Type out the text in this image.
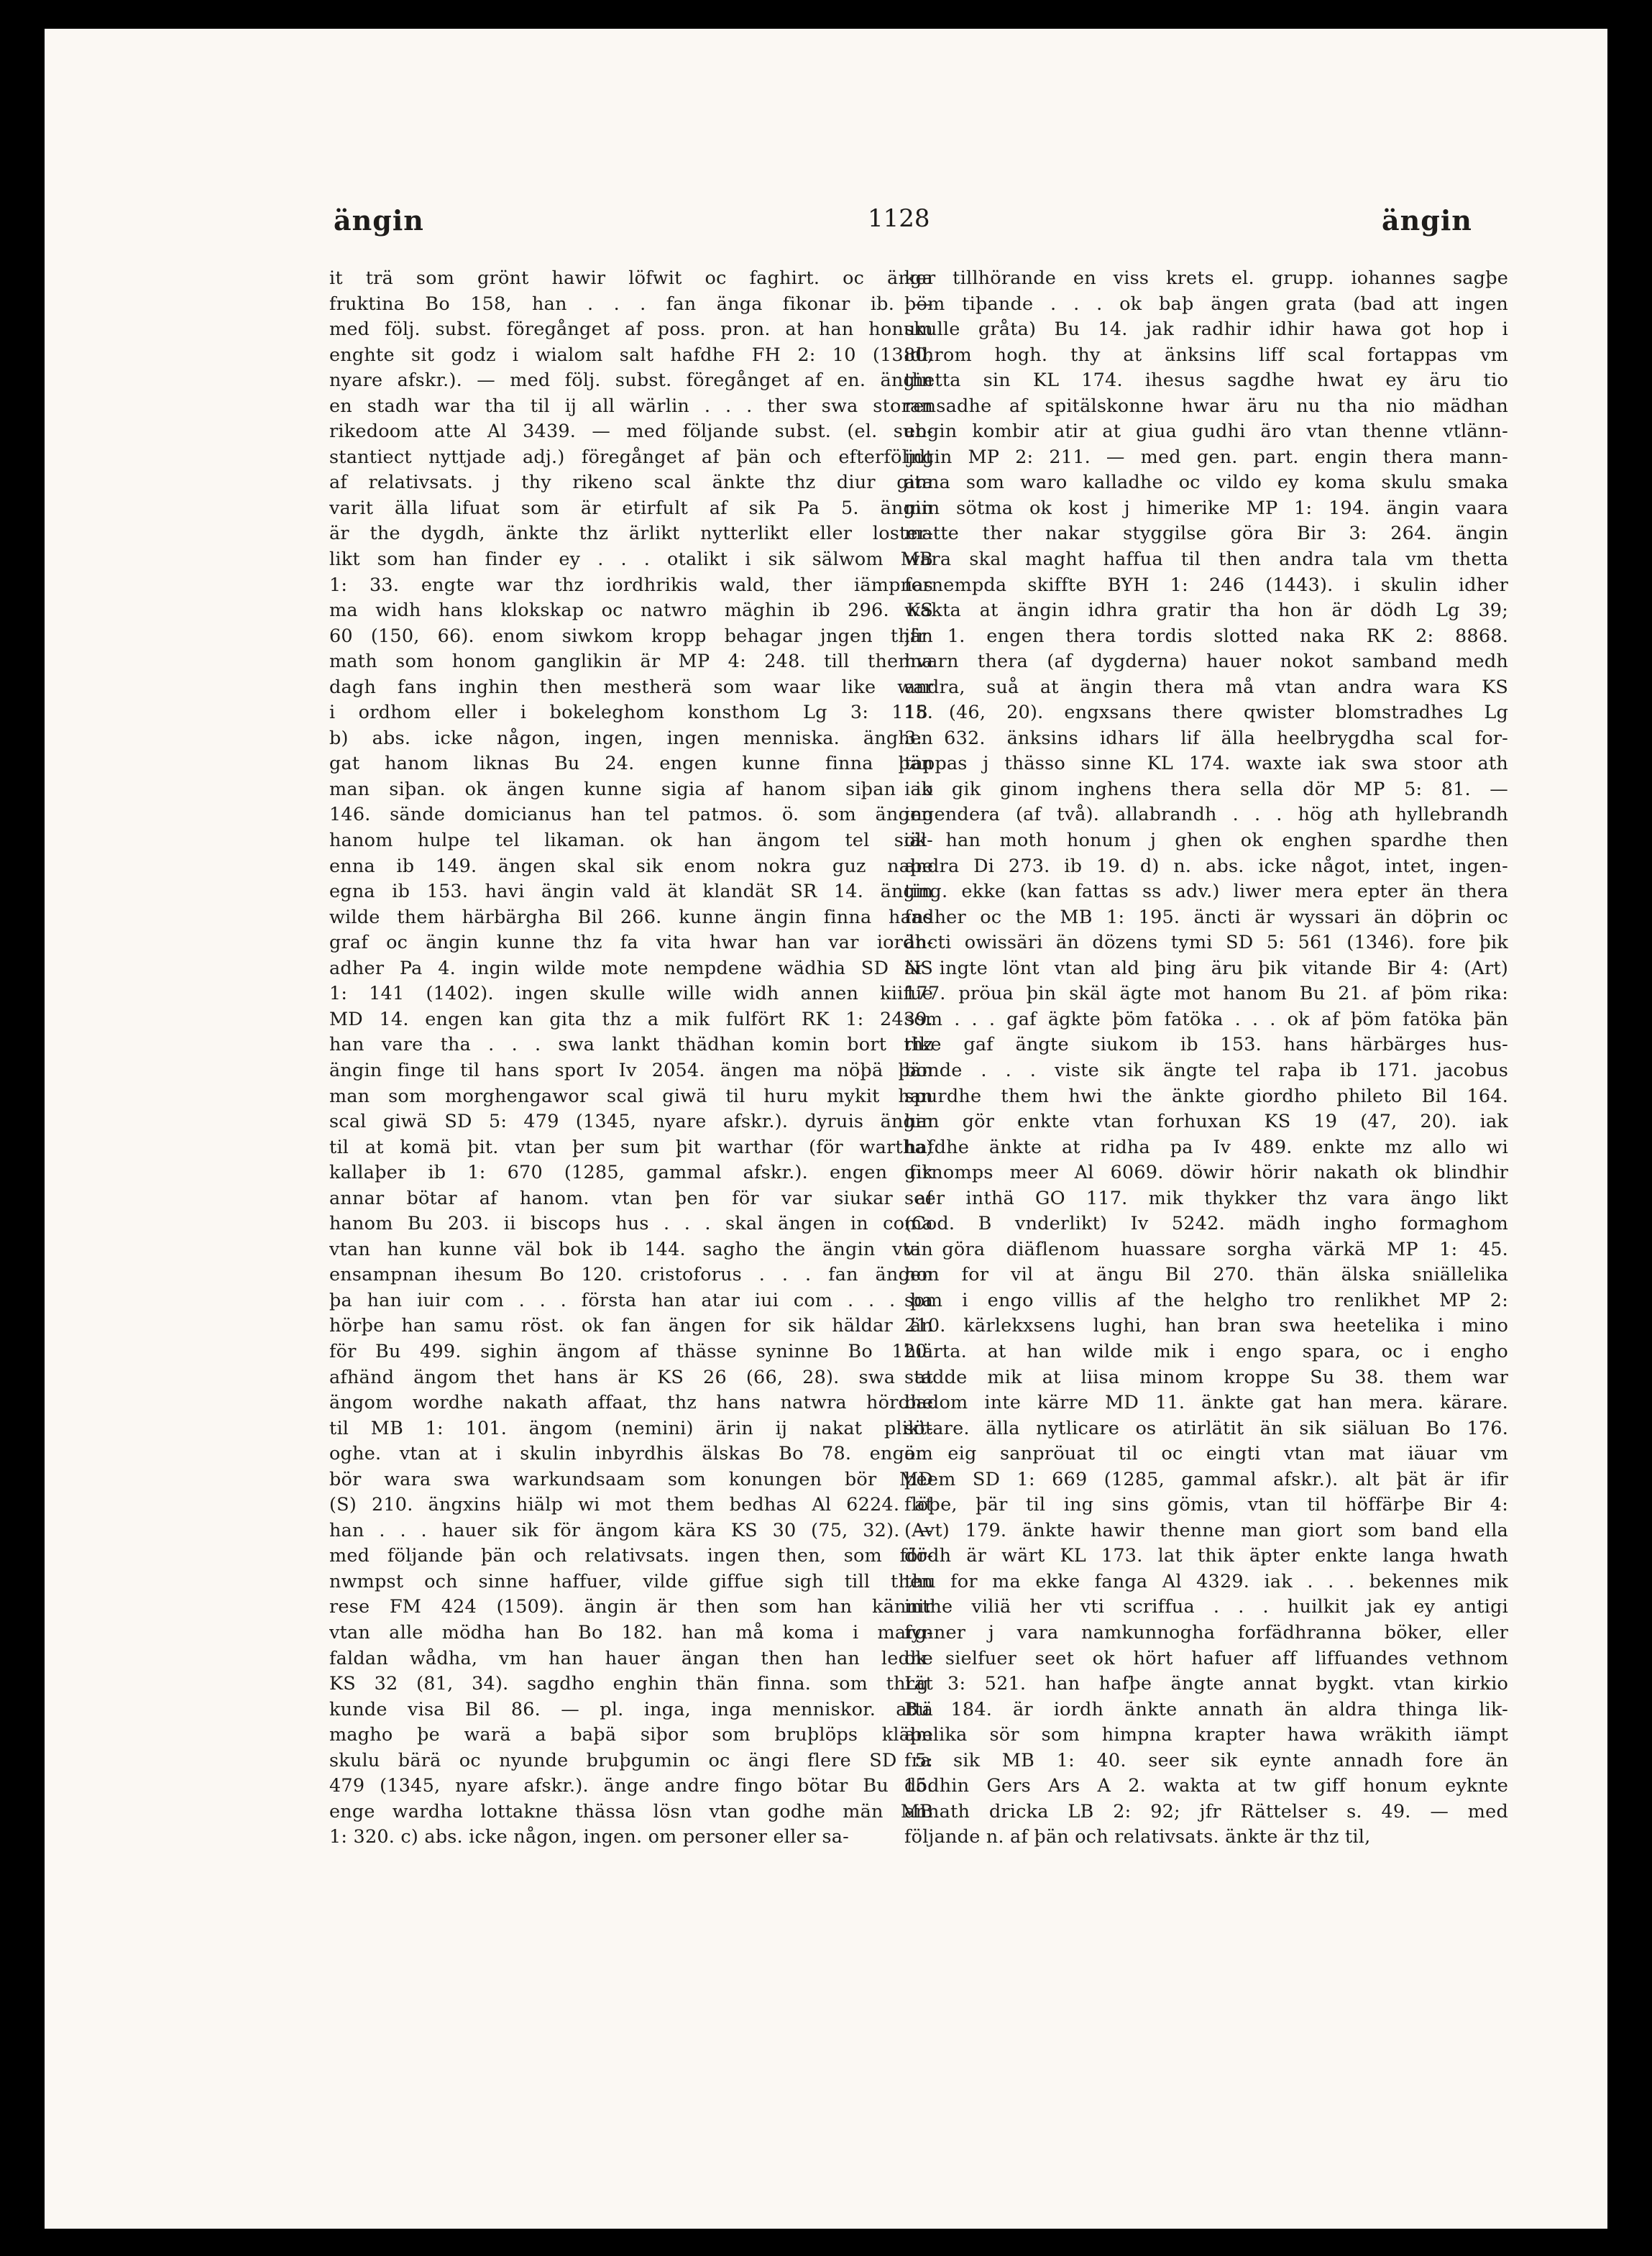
ängin	1128	ängin

it trä som grönt hawir löfwit oc faghirt. oc änga

fruktina Bo 158, han . . . fan änga fikonar ib. —

med följ. subst. föregånget af poss. pron. at han honum

enghte sit godz i wialom salt hafdhe FH 2: 10 (1380,

nyare afskr.). — med följ. subst. föregånget af en. ängin

en stadh war tha til ij all wärlin . . . ther swa storan

rikedoom atte Al 3439. — med följande subst. (el. sub-

stantiect nyttjade adj.) föregånget af þän och efterföljdt

af relativsats. j thy rikeno scal änkte thz diur gita

varit älla lifuat som är etirfult af sik Pa 5. ängin

är the dygdh, änkte thz ärlikt nytterlikt eller loster-

likt som han finder ey . . . otalikt i sik sälwom MB

1: 33. engte war thz iordhrikis wald, ther iämpnas

ma widh hans klokskap oc natwro mäghin ib 296. KS

60 (150, 66). enom siwkom kropp behagar jngen thän

math som honom ganglikin är MP 4: 248. till thenna

dagh fans inghin then mestherä som waar like war

i ordhom eller i bokeleghom konsthom Lg 3: 115.

b) abs. icke någon, ingen, ingen menniska. änghen

gat hanom liknas Bu 24. engen kunne finna þän

man siþan. ok ängen kunne sigia af hanom siþan ib

146. sände domicianus han tel patmos. ö. som ängen

hanom hulpe tel likaman. ok han ängom tel siäl-

enna ib 149. ängen skal sik enom nokra guz naþe

egna ib 153. havi ängin vald ät klandät SR 14. ängin

wilde them härbärgha Bil 266. kunne ängin finna hans

graf oc ängin kunne thz fa vita hwar han var iordh-

adher Pa 4. ingin wilde mote nempdene wädhia SD NS

1: 141 (1402). ingen skulle wille widh annen kiifue

MD 14. engen kan gita thz a mik fulfört RK 1: 2439.

han vare tha . . . swa lankt thädhan komin bort thz

ängin finge til hans sport Iv 2054. ängen ma nöþä þän

man som morghengawor scal giwä til huru mykit han

scal giwä SD 5: 479 (1345, nyare afskr.). dyruis ängin

til at komä þit. vtan þer sum þit warthar (för wartha)

kallaþer ib 1: 670 (1285, gammal afskr.). engen fik

annar bötar af hanom. vtan þen för var siukar af

hanom Bu 203. ii biscops hus . . . skal ängen in coma

vtan han kunne väl bok ib 144. sagho the ängin vtan

ensampnan ihesum Bo 120. cristoforus . . . fan ängen

þa han iuir com . . . första han atar iui com . . . þa

hörþe han samu röst. ok fan ängen for sik häldar än

för Bu 499. sighin ängom af thässe syninne Bo 120.

afhänd ängom thet hans är KS 26 (66, 28). swa at

ängom wordhe nakath affaat, thz hans natwra hördhe

til MB 1: 101. ängom (nemini) ärin ij nakat plikt-

oghe. vtan at i skulin inbyrdhis älskas Bo 78. engom

bör wara swa warkundsaam som konungen bör MD

(S) 210. ängxins hiälp wi mot them bedhas Al 6224. at

han . . . hauer sik för ängom kära KS 30 (75, 32). —

med följande þän och relativsats. ingen then, som för-

nwmpst och sinne haffuer, vilde giffue sigh till then

rese FM 424 (1509). ängin är then som han kännir

vtan alle mödha han Bo 182. han må koma i marg-

faldan wådha, vm han hauer ängan then han ledhe

KS 32 (81, 34). sagdho enghin thän finna. som thrät

kunde visa Bil 86. — pl. inga, inga menniskor. attä

magho þe warä a baþä siþor som bruþlöps kläþe

skulu bärä oc nyunde bruþgumin oc ängi flere SD 5:

479 (1345, nyare afskr.). änge andre fingo bötar Bu 15.

enge wardha lottakne thässa lösn vtan godhe män MB

1: 320. c) abs. icke någon, ingen. om personer eller sa-

ker tillhörande en viss krets el. grupp. iohannes sagþe

þöm tiþande . . . ok baþ ängen grata (bad att ingen

skulle gråta) Bu 14. jak radhir idhir hawa got hop i

idhrom hogh. thy at änksins liff scal fortappas vm

thetta sin KL 174. ihesus sagdhe hwat ey äru tio

rensadhe af spitälskonne hwar äru nu tha nio mädhan

engin kombir atir at giua gudhi äro vtan thenne vtlänn-

ingin MP 2: 211. — med gen. part. engin thera mann-

anna som waro kalladhe oc vildo ey koma skulu smaka

min sötma ok kost j himerike MP 1: 194. ängin vaara

matte ther nakar styggilse göra Bir 3: 264. ängin

wara skal maght haffua til then andra tala vm thetta

fornempda skiffte BYH 1: 246 (1443). i skulin idher

wakta at ängin idhra gratir tha hon är dödh Lg 39;

jfr 1. engen thera tordis slotted naka RK 2: 8868.

hvarn thera (af dygderna) hauer nokot samband medh

andra, suå at ängin thera må vtan andra wara KS

18 (46, 20). engxsans there qwister blomstradhes Lg

3: 632. änksins idhars lif älla heelbrygdha scal for-

tappas j thässo sinne KL 174. waxte iak swa stoor ath

iak gik ginom inghens thera sella dör MP 5: 81. —

ingendera (af två). allabrandh . . . hög ath hyllebrandh

ok han moth honum j ghen ok enghen spardhe then

andra Di 273. ib 19. d) n. abs. icke något, intet, ingen-

ting. ekke (kan fattas ss adv.) liwer mera epter än thera

fadher oc the MB 1: 195. äncti är wyssari än döþrin oc

äncti owissäri än dözens tymi SD 5: 561 (1346). fore þik

är ingte lönt vtan ald þing äru þik vitande Bir 4: (Art)

177. pröua þin skäl ägte mot hanom Bu 21. af þöm rika:

som . . . gaf ägkte þöm fatöka . . . ok af þöm fatöka þän

rike gaf ängte siukom ib 153. hans härbärges hus-

bonde . . . viste sik ängte tel raþa ib 171. jacobus

spurdhe them hwi the änkte giordho phileto Bil 164.

han gör enkte vtan forhuxan KS 19 (47, 20). iak

hafdhe änkte at ridha pa Iv 489. enkte mz allo wi

girnomps meer Al 6069. döwir hörir nakath ok blindhir

seer inthä GO 117. mik thykker thz vara ängo likt

(Cod. B vnderlikt) Iv 5242. mädh ingho formaghom

vi göra diäflenom huassare sorgha värkä MP 1: 45.

hon for vil at ängu Bil 270. thän älska sniällelika

som i engo villis af the helgho tro renlikhet MP 2:

210. kärlekxsens lughi, han bran swa heetelika i mino

hiärta. at han wilde mik i engo spara, oc i engho

stadde mik at liisa minom kroppe Su 38. them war

badom inte kärre MD 11. änkte gat han mera. kärare.

sötare. älla nytlicare os atirlätit än sik siäluan Bo 176.

är eig sanpröuat til oc eingti vtan mat iäuar vm

þeem SD 1: 669 (1285, gammal afskr.). alt þät är ifir

flöþe, þär til ing sins gömis, vtan til höffärþe Bir 4:

(Avt) 179. änkte hawir thenne man giort som band ella

dödh är wärt KL 173. lat thik äpter enkte langa hwath

thu for ma ekke fanga Al 4329. iak . . . bekennes mik

inthe viliä her vti scriffua . . . huilkit jak ey antigi

fynner j vara namkunnogha forfädhranna böker, eller

ok sielfuer seet ok hört hafuer aff liffuandes vethnom

Lg 3: 521. han hafþe ängte annat bygkt. vtan kirkio

Bu 184. är iordh änkte annath än aldra thinga lik-

amlika sör som himpna krapter hawa wräkith iämpt

fra sik MB 1: 40. seer sik eynte annadh fore än

dödhin Gers Ars A 2. wakta at tw giff honum eyknte

annath dricka LB 2: 92; jfr Rättelser s. 49. — med

följande n. af þän och relativsats. änkte är thz til,
